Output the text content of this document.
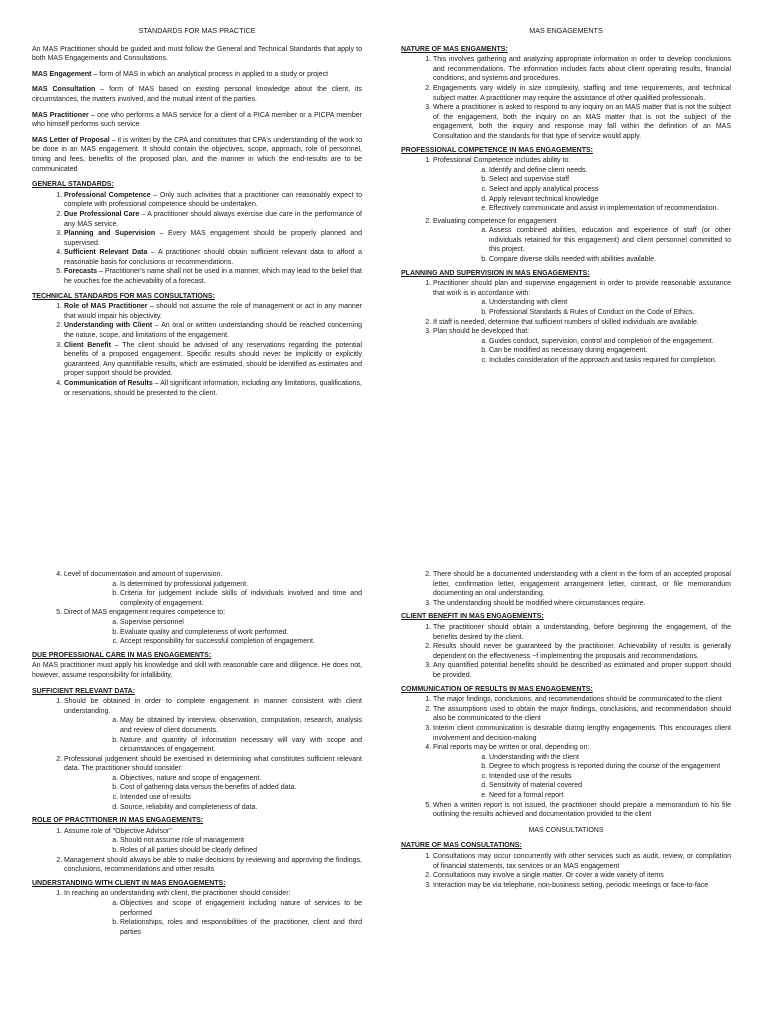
STANDARDS FOR MAS PRACTICE

An MAS Practitioner should be guided and must follow the General and Technical Standards that apply to both MAS Engagements and Consultations.

MAS Engagement – form of MAS in which an analytical process in applied to a study or project

MAS Consultation – form of MAS based on existing personal knowledge about the client, its circumstances, the matters involved, and the mutual intent of the parties.

MAS Practitioner – one who performs a MAS service for a client of a PICA member or a PICPA member who himself performs such service

MAS Letter of Proposal – it is written by the CPA and constitutes that CPA's understanding of the work to be done in an MAS engagement. It should contain the objectives, scope, approach, role of personnel, timing and fees, benefits of the proposed plan, and the manner in which the end-results are to be communicated

GENERAL STANDARDS:
1. Professional Competence – Only such activities that a practitioner can reasonably expect to complete with professional competence should be undertaken.
2. Due Professional Care – A practitioner should always exercise due care in the performance of any MAS service.
3. Planning and Supervision – Every MAS engagement should be properly planned and supervised.
4. Sufficient Relevant Data – A practitioner should obtain sufficient relevant data to afford a reasonable basis for conclusions or recommendations.
5. Forecasts – Practitioner's name shall not be used in a manner, which may lead to the belief that he vouches foe the achievability of a forecast.
TECHNICAL STANDARDS FOR MAS CONSULTATIONS:
1. Role of MAS Practitioner – should not assume the role of management or act in any manner that would impair his objectivity.
2. Understanding with Client – An oral or written understanding should be reached concerning the nature, scope, and limitations of the engagement.
3. Client Benefit – The client should be advised of any reservations regarding the potential benefits of a proposed engagement. Specific results should never be implicitly or explicitly guaranteed. Any quantifiable results, which are estimated, should be identified as estimates and proper support should be provided.
4. Communication of Results – All significant information, including any limitations, qualifications, or reservations, should be presented to the client.
MAS ENGAGEMENTS
NATURE OF MAS ENGAMENTS:
1. This involves gathering and analyzing appropriate information in order to develop conclusions and recommendations. The information includes facts about client operating results, financial conditions, and systems and procedures.
2. Engagements vary widely in size complexity, staffing and time requirements, and technical subject matter. A practitioner may require the assistance of other qualified professionals.
3. Where a practitioner is asked to respond to any inquiry on an MAS matter that is not the subject of the engagement, both the inquiry on an MAS matter that is not the subject of the engagement, both the inquiry and response may fall within the definition of an MAS Consultation and the standards for that type of service would apply.
PROFESSIONAL COMPETENCE IN MAS ENGAGEMENTS:
1. Professional Competence includes ability to:
a. Identify and define client needs.
b. Select and supervise staff
c. Select and apply analytical process
d. Apply relevant technical knowledge
e. Effectively communicate and assist in implementation of recommendation.
2. Evaluating competence for engagement
a. Assess combined abilities, education and experience of staff (or other individuals retained for this engagement) and client personnel committed to this project.
b. Compare diverse skills needed with abilities available.
PLANNING AND SUPERVISION IN MAS ENGAGEMENTS:
1. Practitioner should plan and supervise engagement in order to provide reasonable assurance that work is in accordance with:
a. Understanding with client
b. Professional Standards & Rules of Conduct on the Code of Ethics.
2. If staff is needed, determine that sufficient numbers of skilled individuals are available.
3. Plan should be developed that:
a. Guides conduct, supervision, control and completion of the engagement.
b. Can be modified as necessary during engagement.
c. Includes consideration of the approach and tasks required for completion.
4. Level of documentation and amount of supervision.
a. Is determined by professional judgement.
b. Criteria for judgement include skills of individuals involved and time and complexity of engagement.
5. Direct of MAS engagement requires competence to:
a. Supervise personnel
b. Evaluate quality and completeness of work performed.
c. Accept responsibility for successful completion of engagement.
DUE PROFESSIONAL CARE IN MAS ENGAGEMENTS:

An MAS practitioner must apply his knowledge and skill with reasonable care and diligence. He does not, however, assume responsibility for infallibility.

SUFFICIENT RELEVANT DATA:
1. Should be obtained in order to complete engagement in manner consistent with client understanding.
a. May be obtained by interview, observation, computation, research, analysis and review of client documents.
b. Nature and quantity of information necessary will vary with scope and circumstances of engagement.
2. Professional judgement should be exercised in determining what constitutes sufficient relevant data. The practitioner should consider:
a. Objectives, nature and scope of engagement.
b. Cost of gathering data versus the benefits of added data.
c. Intended use of results
d. Source, reliability and completeness of data.
ROLE OF PRACTITIONER IN MAS ENGAGEMENTS:
1. Assume role of "Objective Advisor"
a. Should not assume role of management
b. Roles of all parties should be clearly defined
2. Management should always be able to make decisions by reviewing and approving the findings, conclusions, recommendations and other results
UNDERSTANDING WITH CLIENT IN MAS ENGAGEMENTS:
1. In reaching an understanding with client, the practitioner should consider:
a. Objectives and scope of engagement including nature of services to be performed
b. Relationships, roles and responsibilities of the practitioner, client and third parties
2. There should be a documented understanding with a client in the form of an accepted proposal letter, confirmation letter, engagement arrangement letter, contract, or file memorandum documenting an oral understanding.
3. The understanding should be modified where circumstances require.
CLIENT BENEFIT IN MAS ENGAGEMENTS:
1. The practitioner should obtain a understanding, before beginning the engagement, of the benefits desired by the client.
2. Results should never be guaranteed by the practitioner. Achievability of results is generally dependent on the effectiveness ~f implementing the proposals and recommendations.
3. Any quantified potential benefits should be described as estimated and proper support should be provided.
COMMUNICATION OF RESULTS IN MAS ENGAGEMENTS:
1. The major findings, conclusions, and recommendations should be communicated to the client
2. The assumptions used to obtain the major findings, conclusions, and recommendation should also be communicated to the client
3. Interim client communication is desirable during lengthy engagements. This encourages client involvement and decision-making
4. Final reports may be written or oral, depending on:
a. Understanding with the client
b. Degree to which progress is reported during the course of the engagement
c. Intended use of the results
d. Sensitivity of material covered
e. Need for a formal report
5. When a written report is not issued, the practitioner should prepare a memorandum to his file outlining the results achieved and documentation provided to the client
MAS CONSULTATIONS
NATURE OF MAS CONSULTATIONS:
1. Consultations may occur concurrently with other services such as audit, review, or compilation of financial statements, tax services or an MAS engagement
2. Consultations may involve a single matter. Or cover a wide variety of items
3. Interaction may be via telephone, non-business setting, periodic meetings or face-to-face
